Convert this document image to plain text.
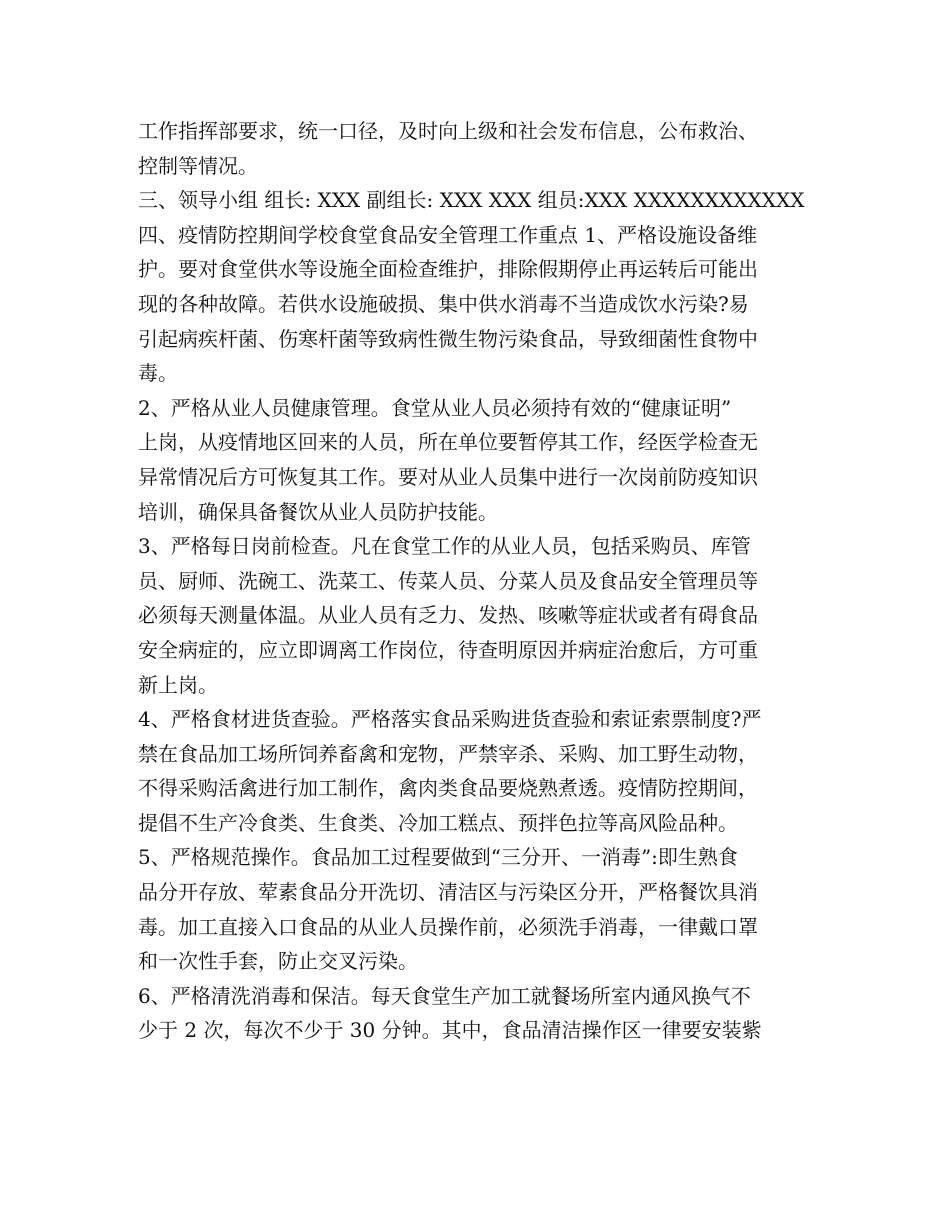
工作指挥部要求，统一口径，及时向上级和社会发布信息，公布救治、
控制等情况。
三、领导小组 组长: XXX 副组长: XXX XXX 组员:XXX XXXXXXXXXXXX
四、疫情防控期间学校食堂食品安全管理工作重点 1、严格设施设备维
护。要对食堂供水等设施全面检查维护，排除假期停止再运转后可能出
现的各种故障。若供水设施破损、集中供水消毒不当造成饮水污染?易
引起病疾杆菌、伤寒杆菌等致病性微生物污染食品，导致细菌性食物中
毒。
2、严格从业人员健康管理。食堂从业人员必须持有效的“健康证明”
上岗，从疫情地区回来的人员，所在单位要暂停其工作，经医学检查无
异常情况后方可恢复其工作。要对从业人员集中进行一次岗前防疫知识
培训，确保具备餐饮从业人员防护技能。
3、严格每日岗前检查。凡在食堂工作的从业人员，包括采购员、库管
员、厨师、洗碗工、洗菜工、传菜人员、分菜人员及食品安全管理员等
必须每天测量体温。从业人员有乏力、发热、咳嗽等症状或者有碍食品
安全病症的，应立即调离工作岗位，待查明原因并病症治愈后，方可重
新上岗。
4、严格食材进货查验。严格落实食品采购进货查验和索证索票制度?严
禁在食品加工场所饲养畜禽和宠物，严禁宰杀、采购、加工野生动物，
不得采购活禽进行加工制作，禽肉类食品要烧熟煮透。疫情防控期间，
提倡不生产冷食类、生食类、冷加工糕点、预拌色拉等高风险品种。
5、严格规范操作。食品加工过程要做到“三分开、一消毒”:即生熟食
品分开存放、荤素食品分开洗切、清洁区与污染区分开，严格餐饮具消
毒。加工直接入口食品的从业人员操作前，必须洗手消毒，一律戴口罩
和一次性手套，防止交叉污染。
6、严格清洗消毒和保洁。每天食堂生产加工就餐场所室内通风换气不
少于 2 次，每次不少于 30 分钟。其中，食品清洁操作区一律要安装紫
